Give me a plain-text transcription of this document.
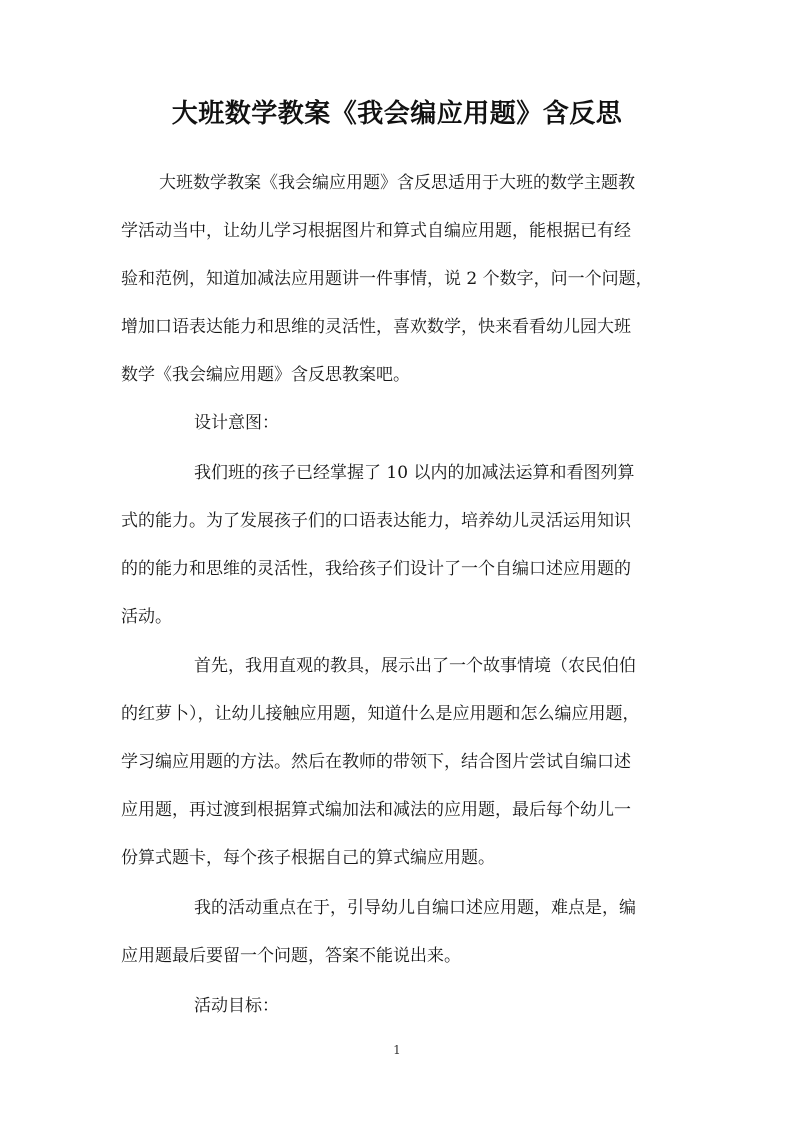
大班数学教案《我会编应用题》含反思
大班数学教案《我会编应用题》含反思适用于大班的数学主题教
学活动当中，让幼儿学习根据图片和算式自编应用题，能根据已有经
验和范例，知道加减法应用题讲一件事情，说 2 个数字，问一个问题，
增加口语表达能力和思维的灵活性，喜欢数学，快来看看幼儿园大班
数学《我会编应用题》含反思教案吧。
设计意图：
我们班的孩子已经掌握了 10 以内的加减法运算和看图列算
式的能力。为了发展孩子们的口语表达能力，培养幼儿灵活运用知识
的的能力和思维的灵活性，我给孩子们设计了一个自编口述应用题的
活动。
首先，我用直观的教具，展示出了一个故事情境（农民伯伯
的红萝卜），让幼儿接触应用题，知道什么是应用题和怎么编应用题，
学习编应用题的方法。然后在教师的带领下，结合图片尝试自编口述
应用题，再过渡到根据算式编加法和减法的应用题，最后每个幼儿一
份算式题卡，每个孩子根据自己的算式编应用题。
我的活动重点在于，引导幼儿自编口述应用题，难点是，编
应用题最后要留一个问题，答案不能说出来。
活动目标：
1
